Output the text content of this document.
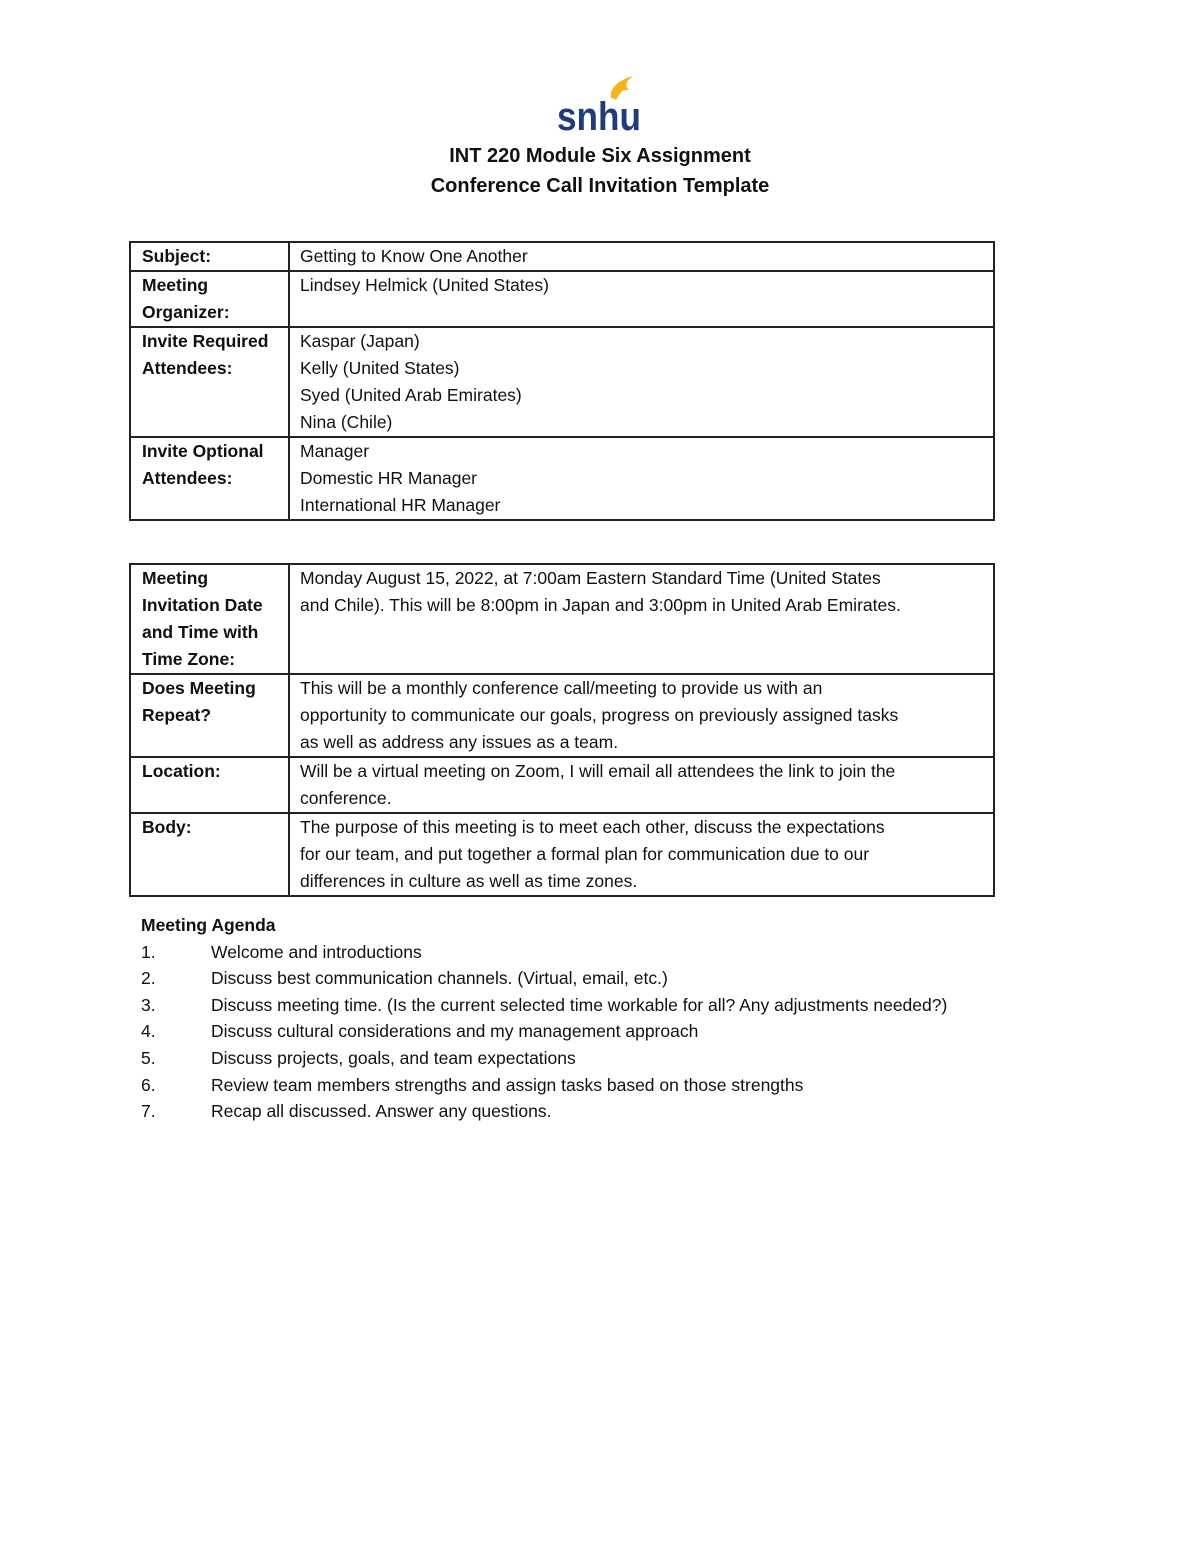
snhu
INT 220 Module Six Assignment
Conference Call Invitation Template
Subject:	Getting to Know One Another

Meeting
Organizer:	Lindsey Helmick (United States)

Invite Required
Attendees:	Kaspar (Japan)
Kelly (United States)
Syed (United Arab Emirates)
Nina (Chile)

Invite Optional
Attendees:	Manager
Domestic HR Manager
International HR Manager
Meeting
Invitation Date
and Time with
Time Zone:	Monday August 15, 2022, at 7:00am Eastern Standard Time (United States
and Chile). This will be 8:00pm in Japan and 3:00pm in United Arab Emirates.

Does Meeting
Repeat?	This will be a monthly conference call/meeting to provide us with an
opportunity to communicate our goals, progress on previously assigned tasks
as well as address any issues as a team.

Location:	Will be a virtual meeting on Zoom, I will email all attendees the link to join the
conference.

Body:	The purpose of this meeting is to meet each other, discuss the expectations
for our team, and put together a formal plan for communication due to our
differences in culture as well as time zones.
Meeting Agenda
1.	Welcome and introductions
2.	Discuss best communication channels. (Virtual, email, etc.)
3.	Discuss meeting time. (Is the current selected time workable for all? Any adjustments needed?)
4.	Discuss cultural considerations and my management approach
5.	Discuss projects, goals, and team expectations
6.	Review team members strengths and assign tasks based on those strengths
7.	Recap all discussed. Answer any questions.
